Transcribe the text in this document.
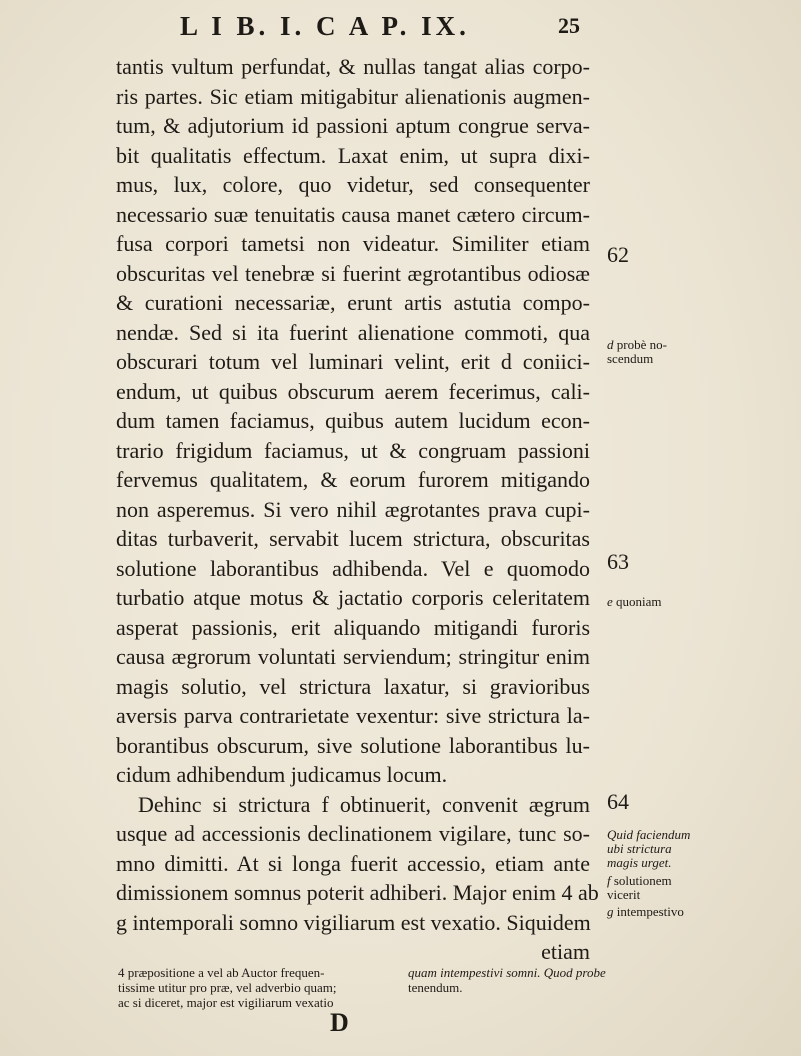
L I B. I. C A P. IX.	25
tantis vultum perfundat, & nullas tangat alias corpo-
ris partes. Sic etiam mitigabitur alienationis augmen-
tum, & adjutorium id passioni aptum congrue serva-
bit qualitatis effectum. Laxat enim, ut supra dixi-
mus, lux, colore, quo videtur, sed consequenter
necessario suæ tenuitatis causa manet cætero circum-
fusa corpori tametsi non videatur. Similiter etiam
obscuritas vel tenebræ si fuerint ægrotantibus odiosæ
& curationi necessariæ, erunt artis astutia compo-
nendæ. Sed si ita fuerint alienatione commoti, qua
obscurari totum vel luminari velint, erit d coniici-
endum, ut quibus obscurum aerem fecerimus, cali-
dum tamen faciamus, quibus autem lucidum econ-
trario frigidum faciamus, ut & congruam passioni
fervemus qualitatem, & eorum furorem mitigando
non asperemus. Si vero nihil ægrotantes prava cupi-
ditas turbaverit, servabit lucem strictura, obscuritas
solutione laborantibus adhibenda. Vel e quomodo
turbatio atque motus & jactatio corporis celeritatem
asperat passionis, erit aliquando mitigandi furoris
causa ægrorum voluntati serviendum; stringitur enim
magis solutio, vel strictura laxatur, si gravioribus
aversis parva contrarietate vexentur: sive strictura la-
borantibus obscurum, sive solutione laborantibus lu-
cidum adhibendum judicamus locum.
Dehinc si strictura f obtinuerit, convenit ægrum
usque ad accessionis declinationem vigilare, tunc so-
mno dimitti. At si longa fuerit accessio, etiam ante
dimissionem somnus poterit adhiberi. Major enim 4 ab
g intemporali somno vigiliarum est vexatio. Siquidem
etiam
62
d probè no-
scendum
63
e quoniam
64
Quid faciendum
ubi strictura
magis urget.
f solutionem
vicerit
g intempestivo
4 præpositione a vel ab Auctor frequen-
tissime utitur pro præ, vel adverbio quam;
ac si diceret, major est vigiliarum vexatio
quam intempestivi somni. Quod probe
tenendum.
D
